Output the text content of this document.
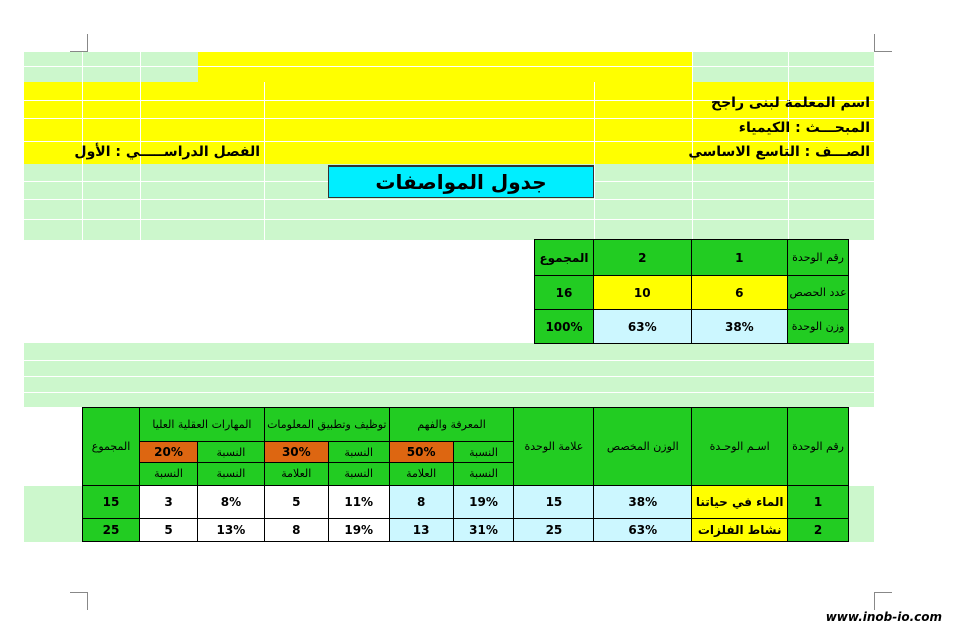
اسم المعلمة لبنى راجح
المبحـــث : الكيمياء
الصـــف : التاسع الاساسي
الفصل الدراســـــي : الأول
جدول المواصفات
رقم الوحدة	1	2	المجموع
عدد الحصص	6	10	16
وزن الوحدة	38%	63%	100%
رقم الوحدة	اسـم الوحـدة	الوزن المخصص	علامة الوحدة	المعرفة والفهم		توظيف وتطبيق المعلومات		المهارات العقلية العليا		المجموع
				النسبة	50%	النسبة	30%	النسبة	20%	
				النسبة	العلامة	النسبة	العلامة	النسبة	النسبة	
1	الماء في حياتنا	38%	15	19%	8	11%	5	8%	3	15
2	نشاط الفلزات	63%	25	31%	13	19%	8	13%	5	25
www.inob-io.com
